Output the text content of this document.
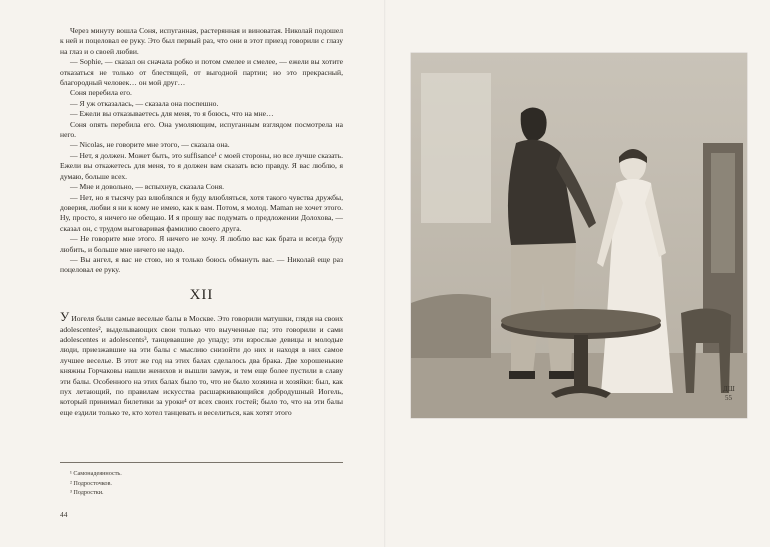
Через минуту вошла Соня, испуганная, растерянная и виноватая. Николай подошел к ней и поцеловал ее руку. Это был первый раз, что они в этот приезд говорили с глазу на глаз и о своей любви.

— Sophie, — сказал он сначала робко и потом смелее и смелее, — ежели вы хотите отказаться не только от блестящей, от выгодной партии; но это прекрасный, благородный человек… он мой друг…

Соня перебила его.

— Я уж отказалась, — сказала она поспешно.

— Ежели вы отказываетесь для меня, то я боюсь, что на мне…

Соня опять перебила его. Она умоляющим, испуганным взглядом посмотрела на него.

— Nicolas, не говорите мне этого, — сказала она.

— Нет, я должен. Может быть, это suffisance¹ с моей стороны, но все лучше сказать. Ежели вы откажетесь для меня, то я должен вам сказать всю правду. Я вас люблю, я думаю, больше всех.

— Мне и довольно, — вспыхнув, сказала Соня.

— Нет, но я тысячу раз влюблялся и буду влюбляться, хотя такого чувства дружбы, доверия, любви я ни к кому не имею, как к вам. Потом, я молод. Maman не хочет этого. Ну, просто, я ничего не обещаю. И я прошу вас подумать о предложении Долохова, — сказал он, с трудом выговаривая фамилию своего друга.

— Не говорите мне этого. Я ничего не хочу. Я люблю вас как брата и всегда буду любить, и больше мне ничего не надо.

— Вы ангел, я вас не стою, но я только боюсь обмануть вас. — Николай еще раз поцеловал ее руку.

XII

У Иогеля были самые веселые балы в Москве. Это говорили матушки, глядя на своих adolescentes², выделывающих свои только что выученные па; это говорили и сами adolescentes и adolescents³, танцевавшие до упаду; эти взрослые девицы и молодые люди, приезжавшие на эти балы с мыслию снизойти до них и находя в них самое лучшее веселье. В этот же год на этих балах сделалось два брака. Две хорошенькие княжны Горчаковы нашли женихов и вышли замуж, и тем еще более пустили в славу эти балы. Особенного на этих балах было то, что не было хозяина и хозяйки: был, как пух летающий, по правилам искусства расшаркивающийся добродушный Иогель, который принимал билетики за уроки⁴ от всех своих гостей; было то, что на эти балы еще ездили только те, кто хотел танцевать и веселиться, как хотят этого

¹ Самонадеянность.
² Подросточков.
³ Подростки.
44
ДШ
55
